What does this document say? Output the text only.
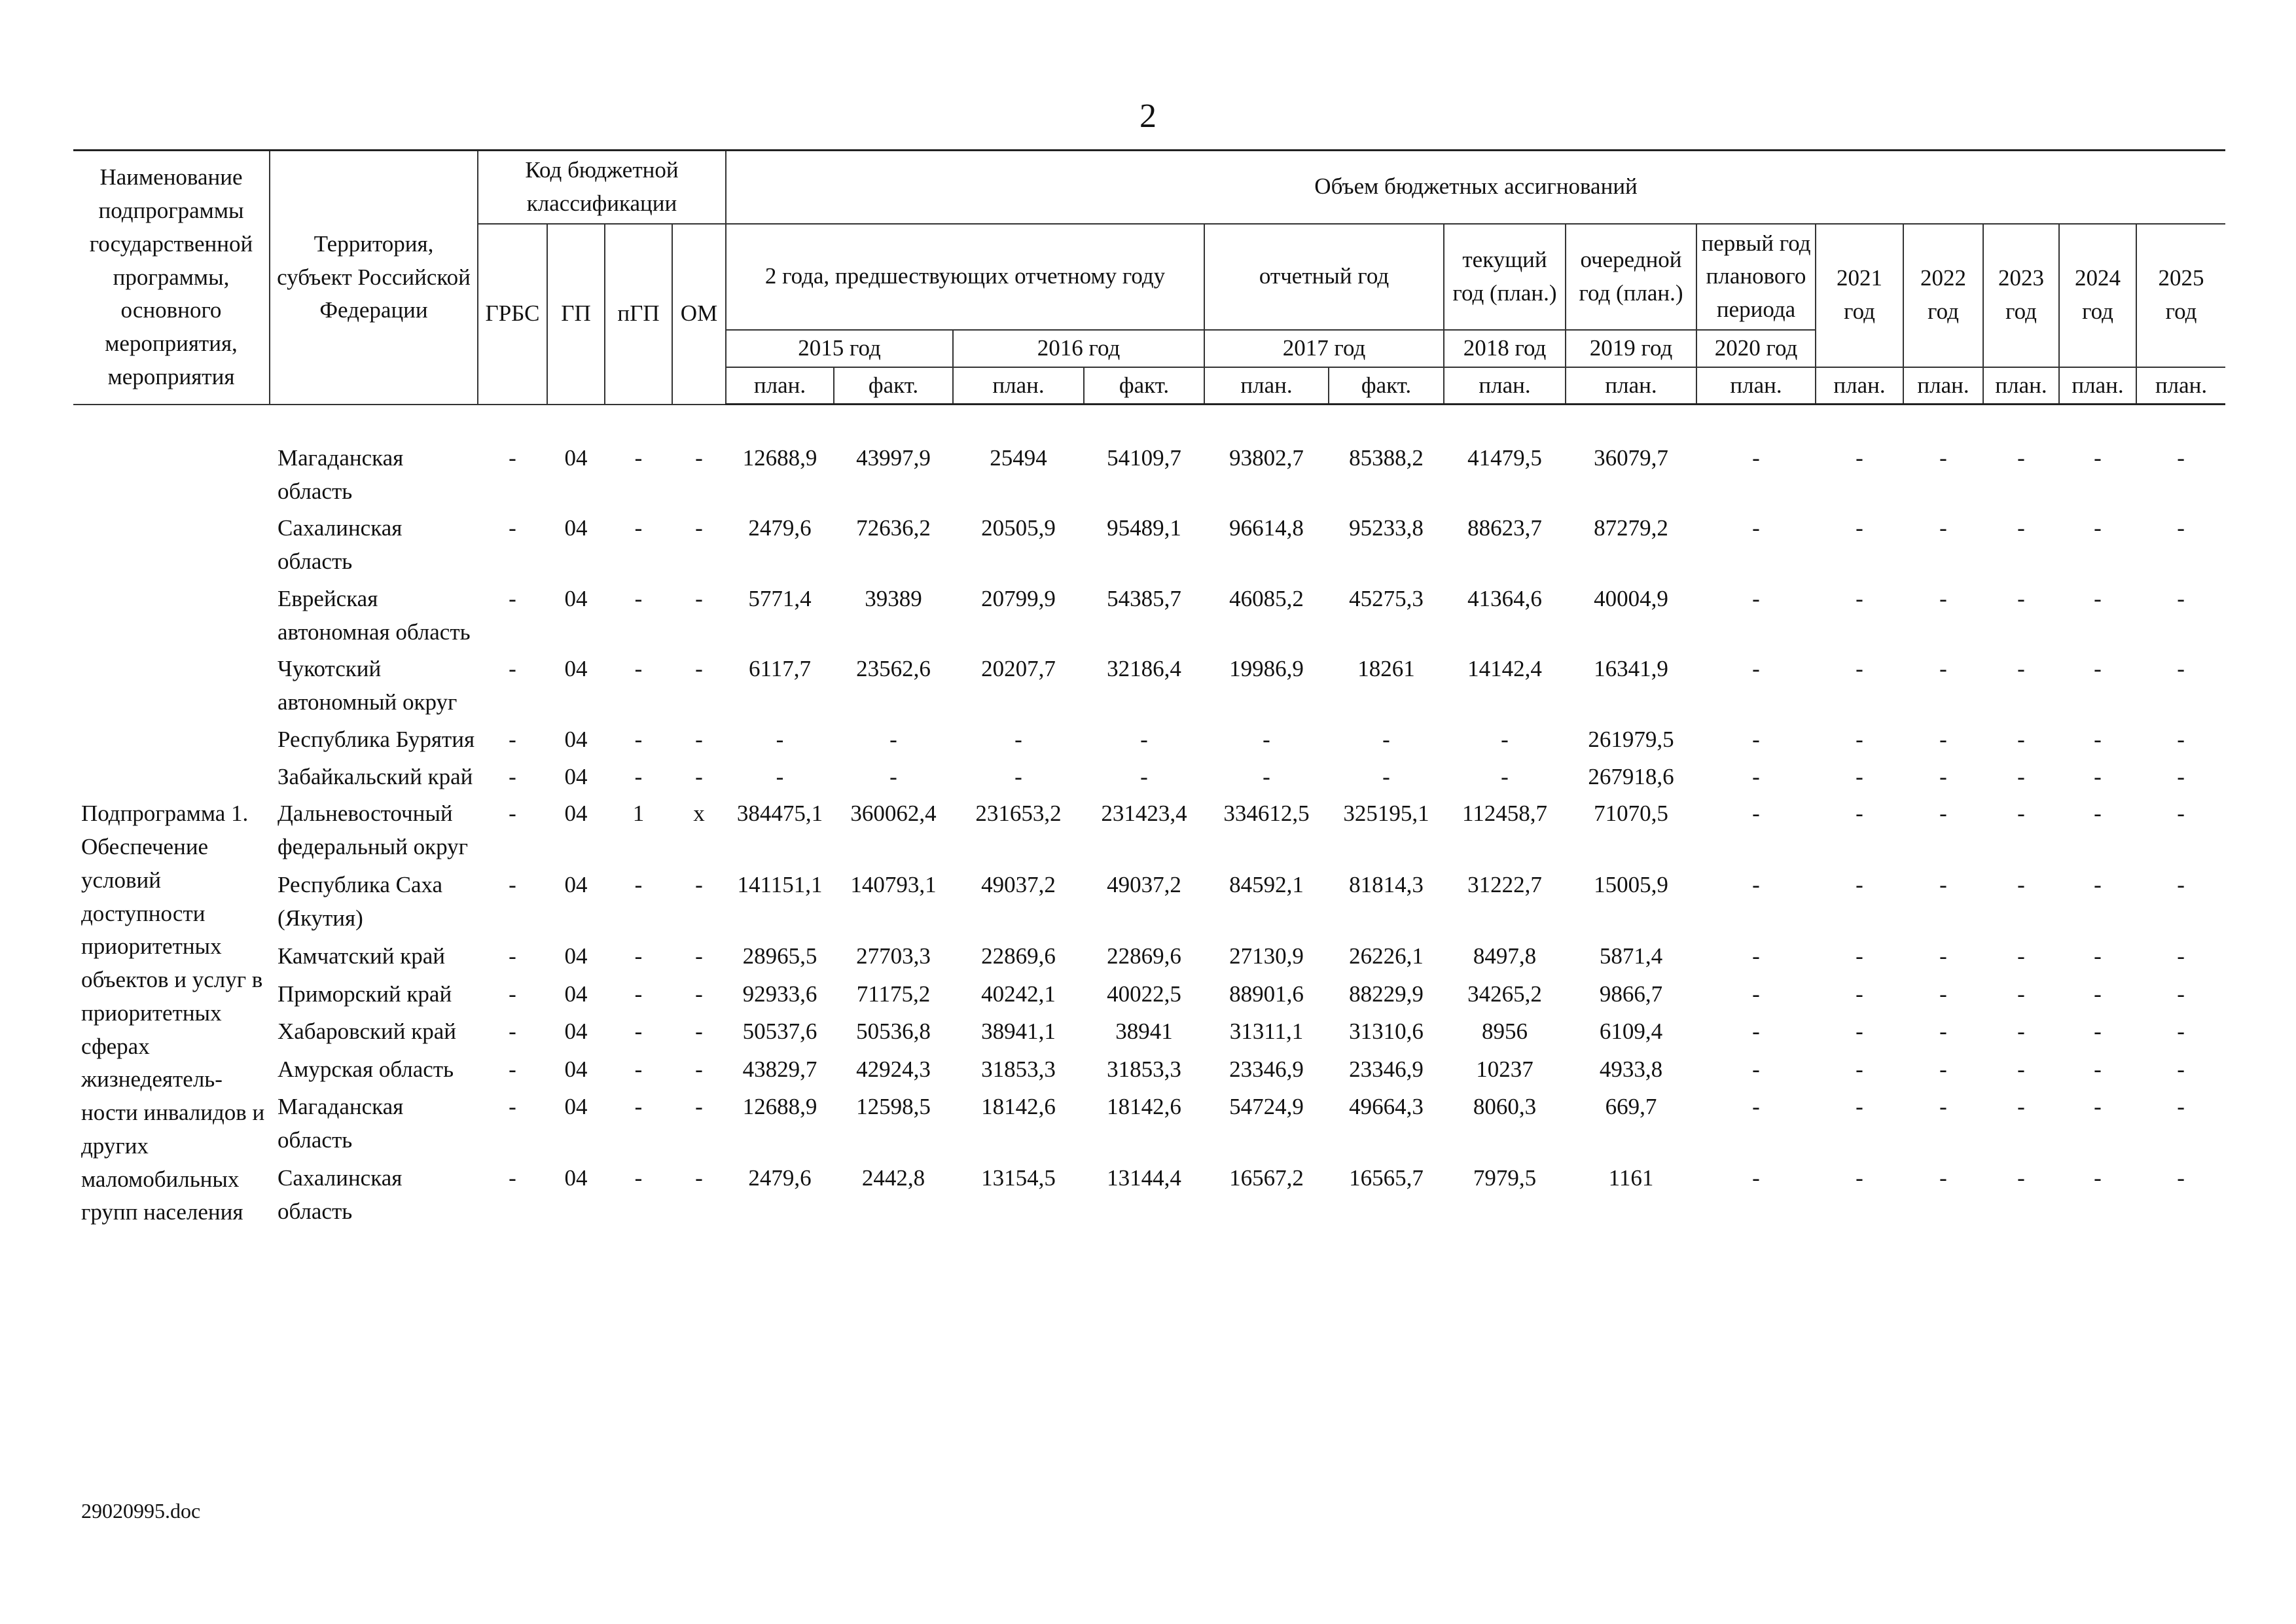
2
Наименование подпрограммы государственной программы, основного мероприятия, мероприятия	Территория, субъект Российской Федерации	Код бюджетной классификации				Объем бюджетных ассигнований													
		ГРБС	ГП	пГП	ОМ	2 года, предшествующих отчетному году				отчетный год		текущий год (план.)	очередной год (план.)	первый год планового периода	2021 год	2022 год	2023 год	2024 год	2025 год
						2015 год		2016 год		2017 год		2018 год	2019 год	2020 год					
						план.	факт.	план.	факт.	план.	факт.	план.	план.	план.	план.	план.	план.	план.	план.
	Магаданская область	-	04	-	-	12688,9	43997,9	25494	54109,7	93802,7	85388,2	41479,5	36079,7	-	-	-	-	-	-
	Сахалинская область	-	04	-	-	2479,6	72636,2	20505,9	95489,1	96614,8	95233,8	88623,7	87279,2	-	-	-	-	-	-
	Еврейская автономная область	-	04	-	-	5771,4	39389	20799,9	54385,7	46085,2	45275,3	41364,6	40004,9	-	-	-	-	-	-
	Чукотский автономный округ	-	04	-	-	6117,7	23562,6	20207,7	32186,4	19986,9	18261	14142,4	16341,9	-	-	-	-	-	-
	Республика Бурятия	-	04	-	-	-	-	-	-	-	-	-	261979,5	-	-	-	-	-	-
	Забайкальский край	-	04	-	-	-	-	-	-	-	-	-	267918,6	-	-	-	-	-	-
Подпрограмма 1. Обеспечение условий доступности приоритетных объектов и услуг в приоритетных сферах жизнедеятель-ности инвалидов и других маломобильных групп населения	Дальневосточный федеральный округ	-	04	1	x	384475,1	360062,4	231653,2	231423,4	334612,5	325195,1	112458,7	71070,5	-	-	-	-	-	-
	Республика Саха (Якутия)	-	04	-	-	141151,1	140793,1	49037,2	49037,2	84592,1	81814,3	31222,7	15005,9	-	-	-	-	-	-
	Камчатский край	-	04	-	-	28965,5	27703,3	22869,6	22869,6	27130,9	26226,1	8497,8	5871,4	-	-	-	-	-	-
	Приморский край	-	04	-	-	92933,6	71175,2	40242,1	40022,5	88901,6	88229,9	34265,2	9866,7	-	-	-	-	-	-
	Хабаровский край	-	04	-	-	50537,6	50536,8	38941,1	38941	31311,1	31310,6	8956	6109,4	-	-	-	-	-	-
	Амурская область	-	04	-	-	43829,7	42924,3	31853,3	31853,3	23346,9	23346,9	10237	4933,8	-	-	-	-	-	-
	Магаданская область	-	04	-	-	12688,9	12598,5	18142,6	18142,6	54724,9	49664,3	8060,3	669,7	-	-	-	-	-	-
	Сахалинская область	-	04	-	-	2479,6	2442,8	13154,5	13144,4	16567,2	16565,7	7979,5	1161	-	-	-	-	-	-
29020995.doc
